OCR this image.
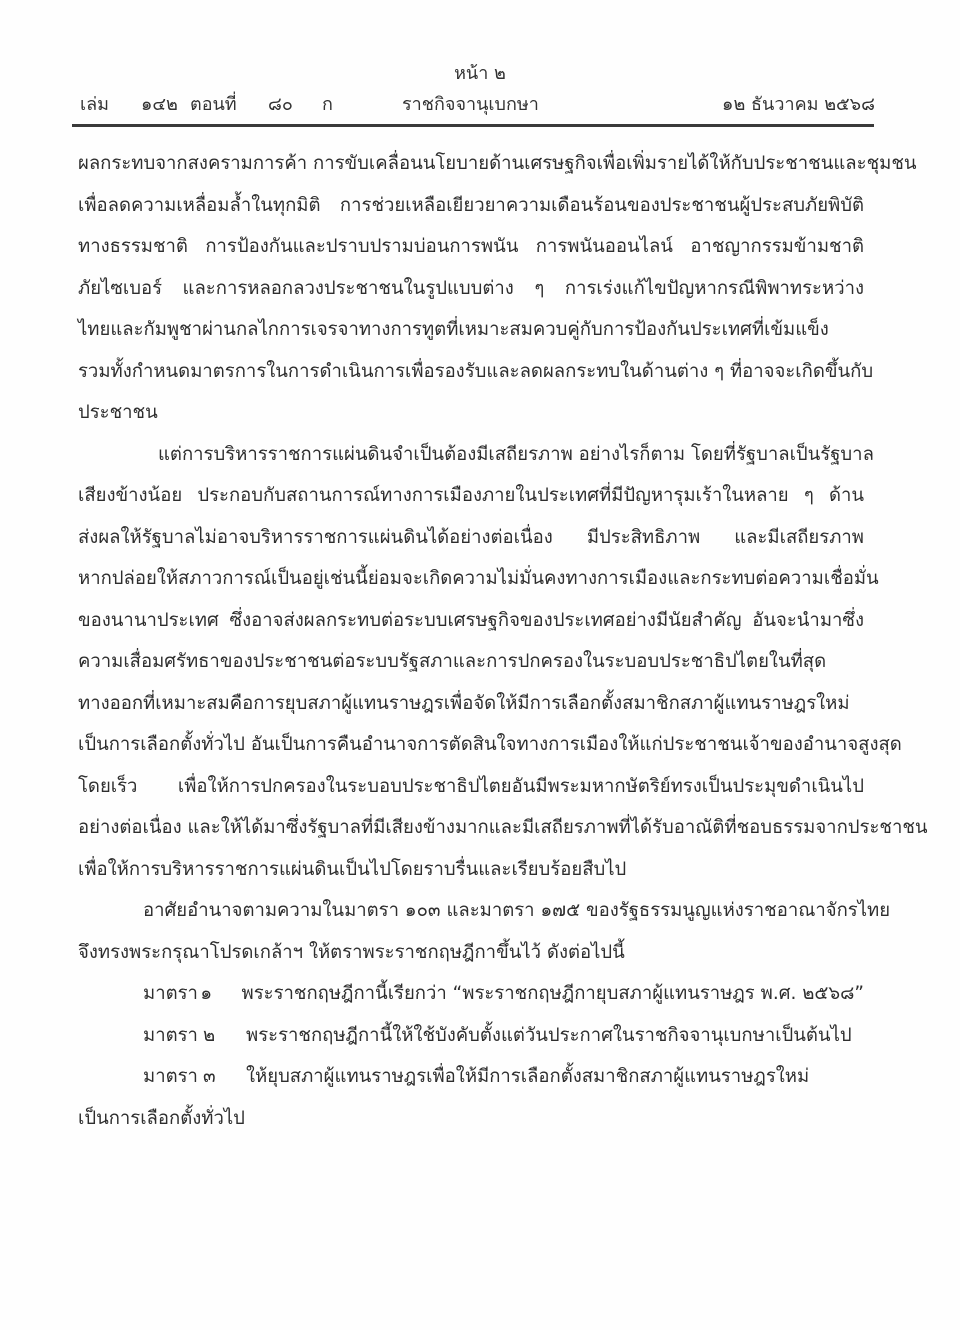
หน้า ๒
เล่ม ๑๔๒ ตอนที่ ๘๐ ก	ราชกิจจานุเบกษา	๑๒ ธันวาคม ๒๕๖๘
ผลกระทบจากสงครามการค้า การขับเคลื่อนนโยบายด้านเศรษฐกิจเพื่อเพิ่มรายได้ให้กับประชาชนและชุมชน
เพื่อลดความเหลื่อมล้ำในทุกมิติ การช่วยเหลือเยียวยาความเดือนร้อนของประชาชนผู้ประสบภัยพิบัติ
ทางธรรมชาติ การป้องกันและปราบปรามบ่อนการพนัน การพนันออนไลน์ อาชญากรรมข้ามชาติ
ภัยไซเบอร์ และการหลอกลวงประชาชนในรูปแบบต่าง ๆ การเร่งแก้ไขปัญหากรณีพิพาทระหว่าง
ไทยและกัมพูชาผ่านกลไกการเจรจาทางการทูตที่เหมาะสมควบคู่กับการป้องกันประเทศที่เข้มแข็ง
รวมทั้งกำหนดมาตรการในการดำเนินการเพื่อรองรับและลดผลกระทบในด้านต่าง ๆ ที่อาจจะเกิดขึ้นกับ
ประชาชน
แต่การบริหารราชการแผ่นดินจำเป็นต้องมีเสถียรภาพ อย่างไรก็ตาม โดยที่รัฐบาลเป็นรัฐบาล
เสียงข้างน้อย ประกอบกับสถานการณ์ทางการเมืองภายในประเทศที่มีปัญหารุมเร้าในหลาย ๆ ด้าน
ส่งผลให้รัฐบาลไม่อาจบริหารราชการแผ่นดินได้อย่างต่อเนื่อง มีประสิทธิภาพ และมีเสถียรภาพ
หากปล่อยให้สภาวการณ์เป็นอยู่เช่นนี้ย่อมจะเกิดความไม่มั่นคงทางการเมืองและกระทบต่อความเชื่อมั่น
ของนานาประเทศ ซึ่งอาจส่งผลกระทบต่อระบบเศรษฐกิจของประเทศอย่างมีนัยสำคัญ อันจะนำมาซึ่ง
ความเสื่อมศรัทธาของประชาชนต่อระบบรัฐสภาและการปกครองในระบอบประชาธิปไตยในที่สุด
ทางออกที่เหมาะสมคือการยุบสภาผู้แทนราษฎรเพื่อจัดให้มีการเลือกตั้งสมาชิกสภาผู้แทนราษฎรใหม่
เป็นการเลือกตั้งทั่วไป อันเป็นการคืนอำนาจการตัดสินใจทางการเมืองให้แก่ประชาชนเจ้าของอำนาจสูงสุด
โดยเร็ว เพื่อให้การปกครองในระบอบประชาธิปไตยอันมีพระมหากษัตริย์ทรงเป็นประมุขดำเนินไป
อย่างต่อเนื่อง และให้ได้มาซึ่งรัฐบาลที่มีเสียงข้างมากและมีเสถียรภาพที่ได้รับอาณัติที่ชอบธรรมจากประชาชน
เพื่อให้การบริหารราชการแผ่นดินเป็นไปโดยราบรื่นและเรียบร้อยสืบไป
อาศัยอำนาจตามความในมาตรา ๑๐๓ และมาตรา ๑๗๕ ของรัฐธรรมนูญแห่งราชอาณาจักรไทย
จึงทรงพระกรุณาโปรดเกล้าฯ ให้ตราพระราชกฤษฎีกาขึ้นไว้ ดังต่อไปนี้
มาตรา ๑	พระราชกฤษฎีกานี้เรียกว่า “พระราชกฤษฎีกายุบสภาผู้แทนราษฎร พ.ศ. ๒๕๖๘”
มาตรา ๒	พระราชกฤษฎีกานี้ให้ใช้บังคับตั้งแต่วันประกาศในราชกิจจานุเบกษาเป็นต้นไป
มาตรา ๓	ให้ยุบสภาผู้แทนราษฎรเพื่อให้มีการเลือกตั้งสมาชิกสภาผู้แทนราษฎรใหม่
เป็นการเลือกตั้งทั่วไป
